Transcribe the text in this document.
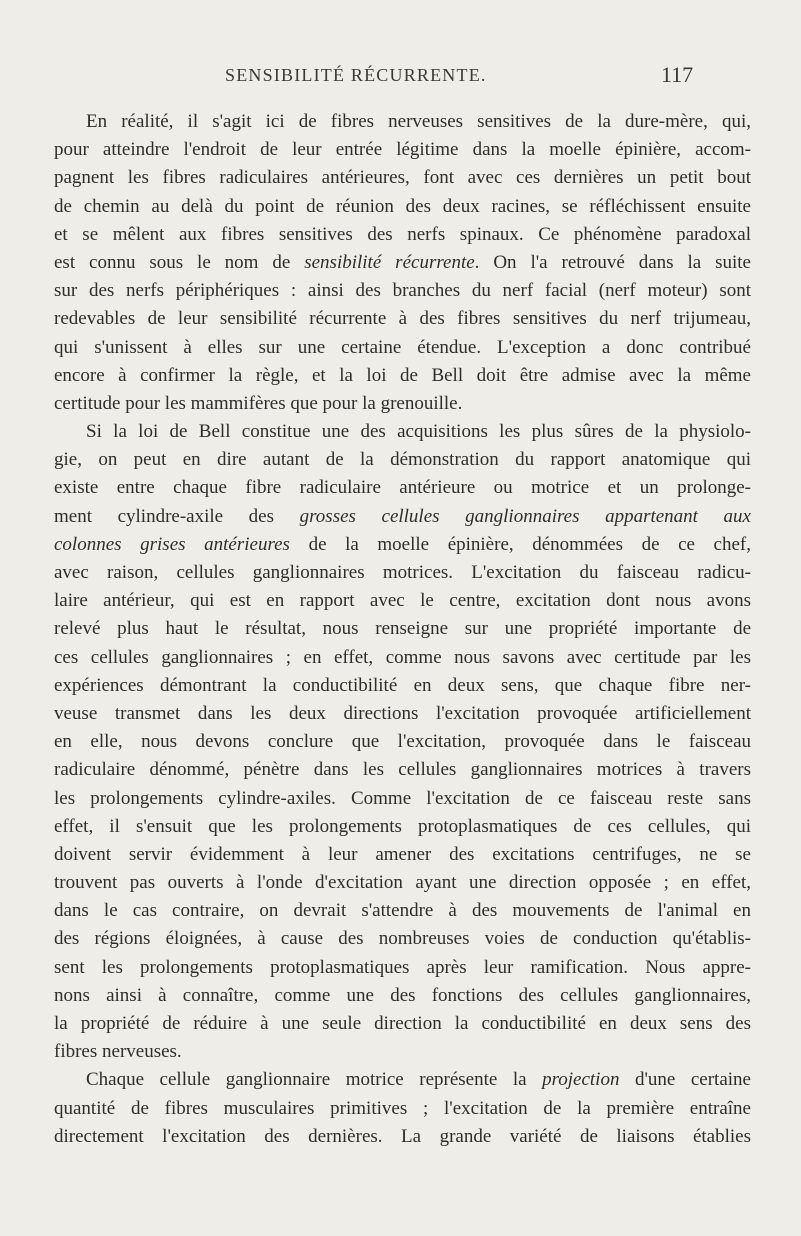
SENSIBILITÉ RÉCURRENTE.	117
En réalité, il s'agit ici de fibres nerveuses sensitives de la dure-mère, qui,
pour atteindre l'endroit de leur entrée légitime dans la moelle épinière, accom-
pagnent les fibres radiculaires antérieures, font avec ces dernières un petit bout
de chemin au delà du point de réunion des deux racines, se réfléchissent ensuite
et se mêlent aux fibres sensitives des nerfs spinaux. Ce phénomène paradoxal
est connu sous le nom de sensibilité récurrente. On l'a retrouvé dans la suite
sur des nerfs périphériques : ainsi des branches du nerf facial (nerf moteur) sont
redevables de leur sensibilité récurrente à des fibres sensitives du nerf trijumeau,
qui s'unissent à elles sur une certaine étendue. L'exception a donc contribué
encore à confirmer la règle, et la loi de Bell doit être admise avec la même
certitude pour les mammifères que pour la grenouille.
Si la loi de Bell constitue une des acquisitions les plus sûres de la physiolo-
gie, on peut en dire autant de la démonstration du rapport anatomique qui
existe entre chaque fibre radiculaire antérieure ou motrice et un prolonge-
ment cylindre-axile des grosses cellules ganglionnaires appartenant aux
colonnes grises antérieures de la moelle épinière, dénommées de ce chef,
avec raison, cellules ganglionnaires motrices. L'excitation du faisceau radicu-
laire antérieur, qui est en rapport avec le centre, excitation dont nous avons
relevé plus haut le résultat, nous renseigne sur une propriété importante de
ces cellules ganglionnaires ; en effet, comme nous savons avec certitude par les
expériences démontrant la conductibilité en deux sens, que chaque fibre ner-
veuse transmet dans les deux directions l'excitation provoquée artificiellement
en elle, nous devons conclure que l'excitation, provoquée dans le faisceau
radiculaire dénommé, pénètre dans les cellules ganglionnaires motrices à travers
les prolongements cylindre-axiles. Comme l'excitation de ce faisceau reste sans
effet, il s'ensuit que les prolongements protoplasmatiques de ces cellules, qui
doivent servir évidemment à leur amener des excitations centrifuges, ne se
trouvent pas ouverts à l'onde d'excitation ayant une direction opposée ; en effet,
dans le cas contraire, on devrait s'attendre à des mouvements de l'animal en
des régions éloignées, à cause des nombreuses voies de conduction qu'établis-
sent les prolongements protoplasmatiques après leur ramification. Nous appre-
nons ainsi à connaître, comme une des fonctions des cellules ganglionnaires,
la propriété de réduire à une seule direction la conductibilité en deux sens des
fibres nerveuses.
Chaque cellule ganglionnaire motrice représente la projection d'une certaine
quantité de fibres musculaires primitives ; l'excitation de la première entraîne
directement l'excitation des dernières. La grande variété de liaisons établies
